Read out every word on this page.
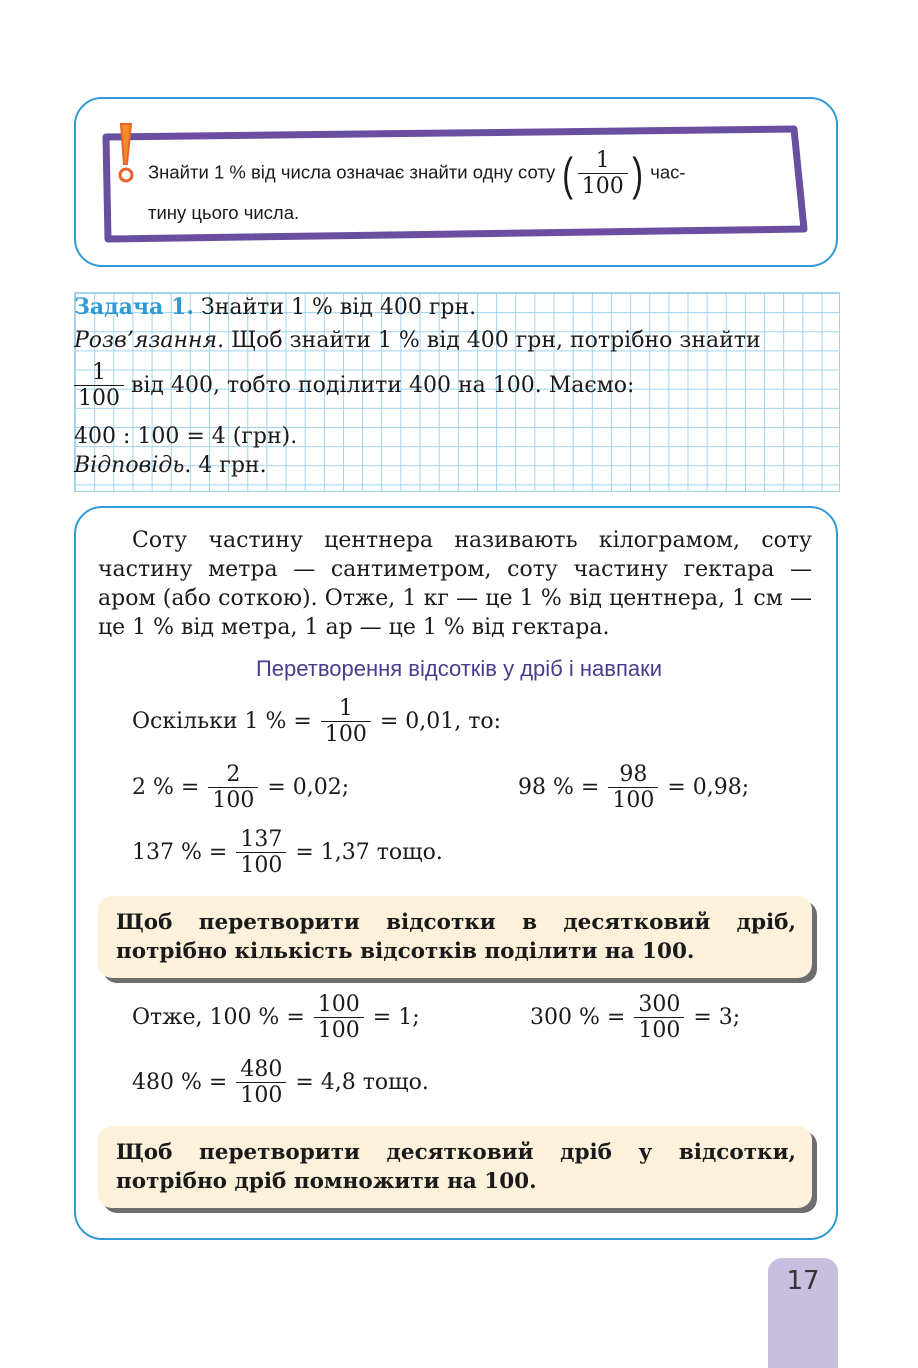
Знайти 1 % від числа означає знайти одну соту ( $\frac{1}{100}$ ) час-
тину цього числа.
Задача 1. Знайти 1 % від 400 грн.
Розв’язання. Щоб знайти 1 % від 400 грн, потрібно знайти
$\frac{1}{100}$ від 400, тобто поділити 400 на 100. Маємо:
400 : 100 = 4 (грн).
Відповідь. 4 грн.
Соту частину центнера називають кілограмом, соту частину метра — сантиметром, соту частину гектара — аром (або соткою). Отже, 1 кг — це 1 % від центнера, 1 см — це 1 % від метра, 1 ар — це 1 % від гектара.
Перетворення відсотків у дріб і навпаки
Оскільки 1 % = $\frac{1}{100} = 0,01$, то:
2 % = $\frac{2}{100} = 0,02$;	98 % = $\frac{98}{100} = 0,98$;
137 % = $\frac{137}{100} = 1,37$ тощо.
Щоб перетворити відсотки в десятковий дріб, потрібно кількість відсотків поділити на 100.
Отже, 100 % = $\frac{100}{100} = 1$;	300 % = $\frac{300}{100} = 3$;
480 % = $\frac{480}{100} = 4,8$ тощо.
Щоб перетворити десятковий дріб у відсотки, потрібно дріб помножити на 100.
17
